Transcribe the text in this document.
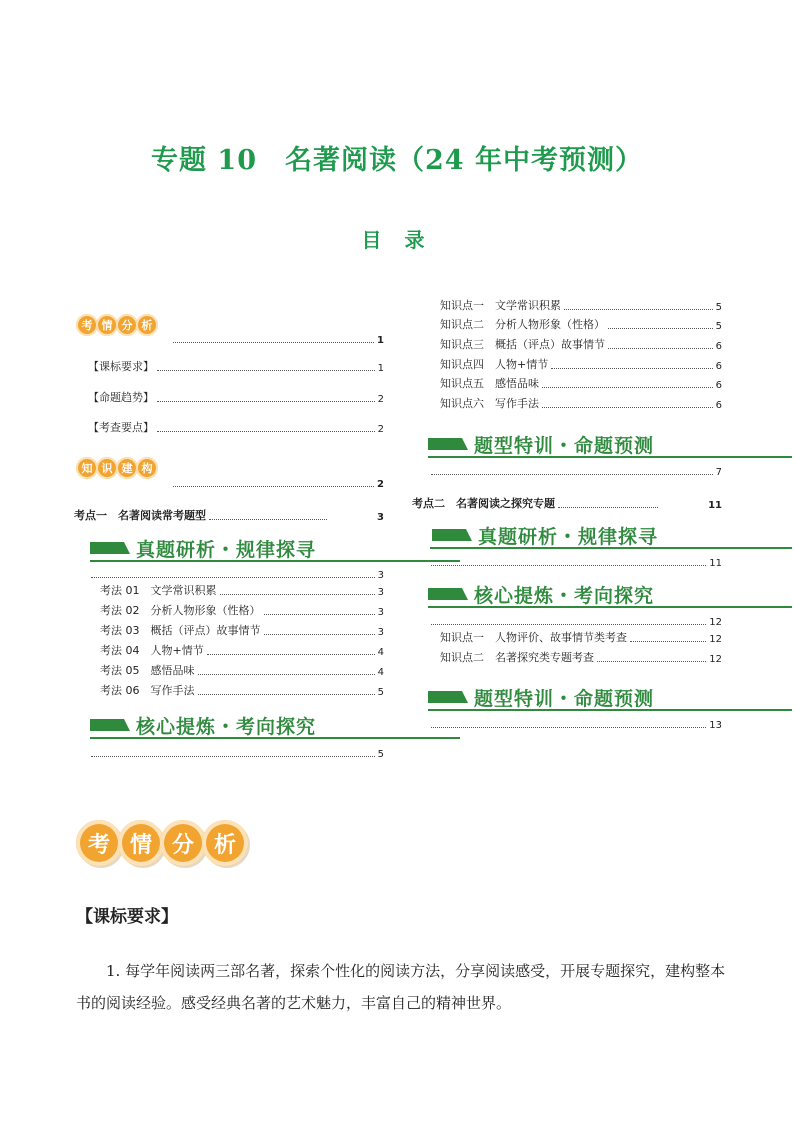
专题 10　名著阅读（24 年中考预测）
目 录
考 情 分 析
1
【课标要求】	1
【命题趋势】	2
【考查要点】	2
知 识 建 构
2
考点一　名著阅读常考题型	3
真题研析・规律探寻
3
考法 01　文学常识积累	3
考法 02　分析人物形象（性格）	3
考法 03　概括（评点）故事情节	3
考法 04　人物+情节	4
考法 05　感悟品味	4
考法 06　写作手法	5
核心提炼・考向探究
5
知识点一　文学常识积累	5
知识点二　分析人物形象（性格）	5
知识点三　概括（评点）故事情节	6
知识点四　人物+情节	6
知识点五　感悟品味	6
知识点六　写作手法	6
题型特训・命题预测
7
考点二　名著阅读之探究专题	11
真题研析・规律探寻
11
核心提炼・考向探究
12
知识点一　人物评价、故事情节类考查	12
知识点二　名著探究类专题考查	12
题型特训・命题预测
13
考 情 分 析
【课标要求】
1. 每学年阅读两三部名著，探索个性化的阅读方法，分享阅读感受，开展专题探究，建构整本书的阅读经验。感受经典名著的艺术魅力，丰富自己的精神世界。
